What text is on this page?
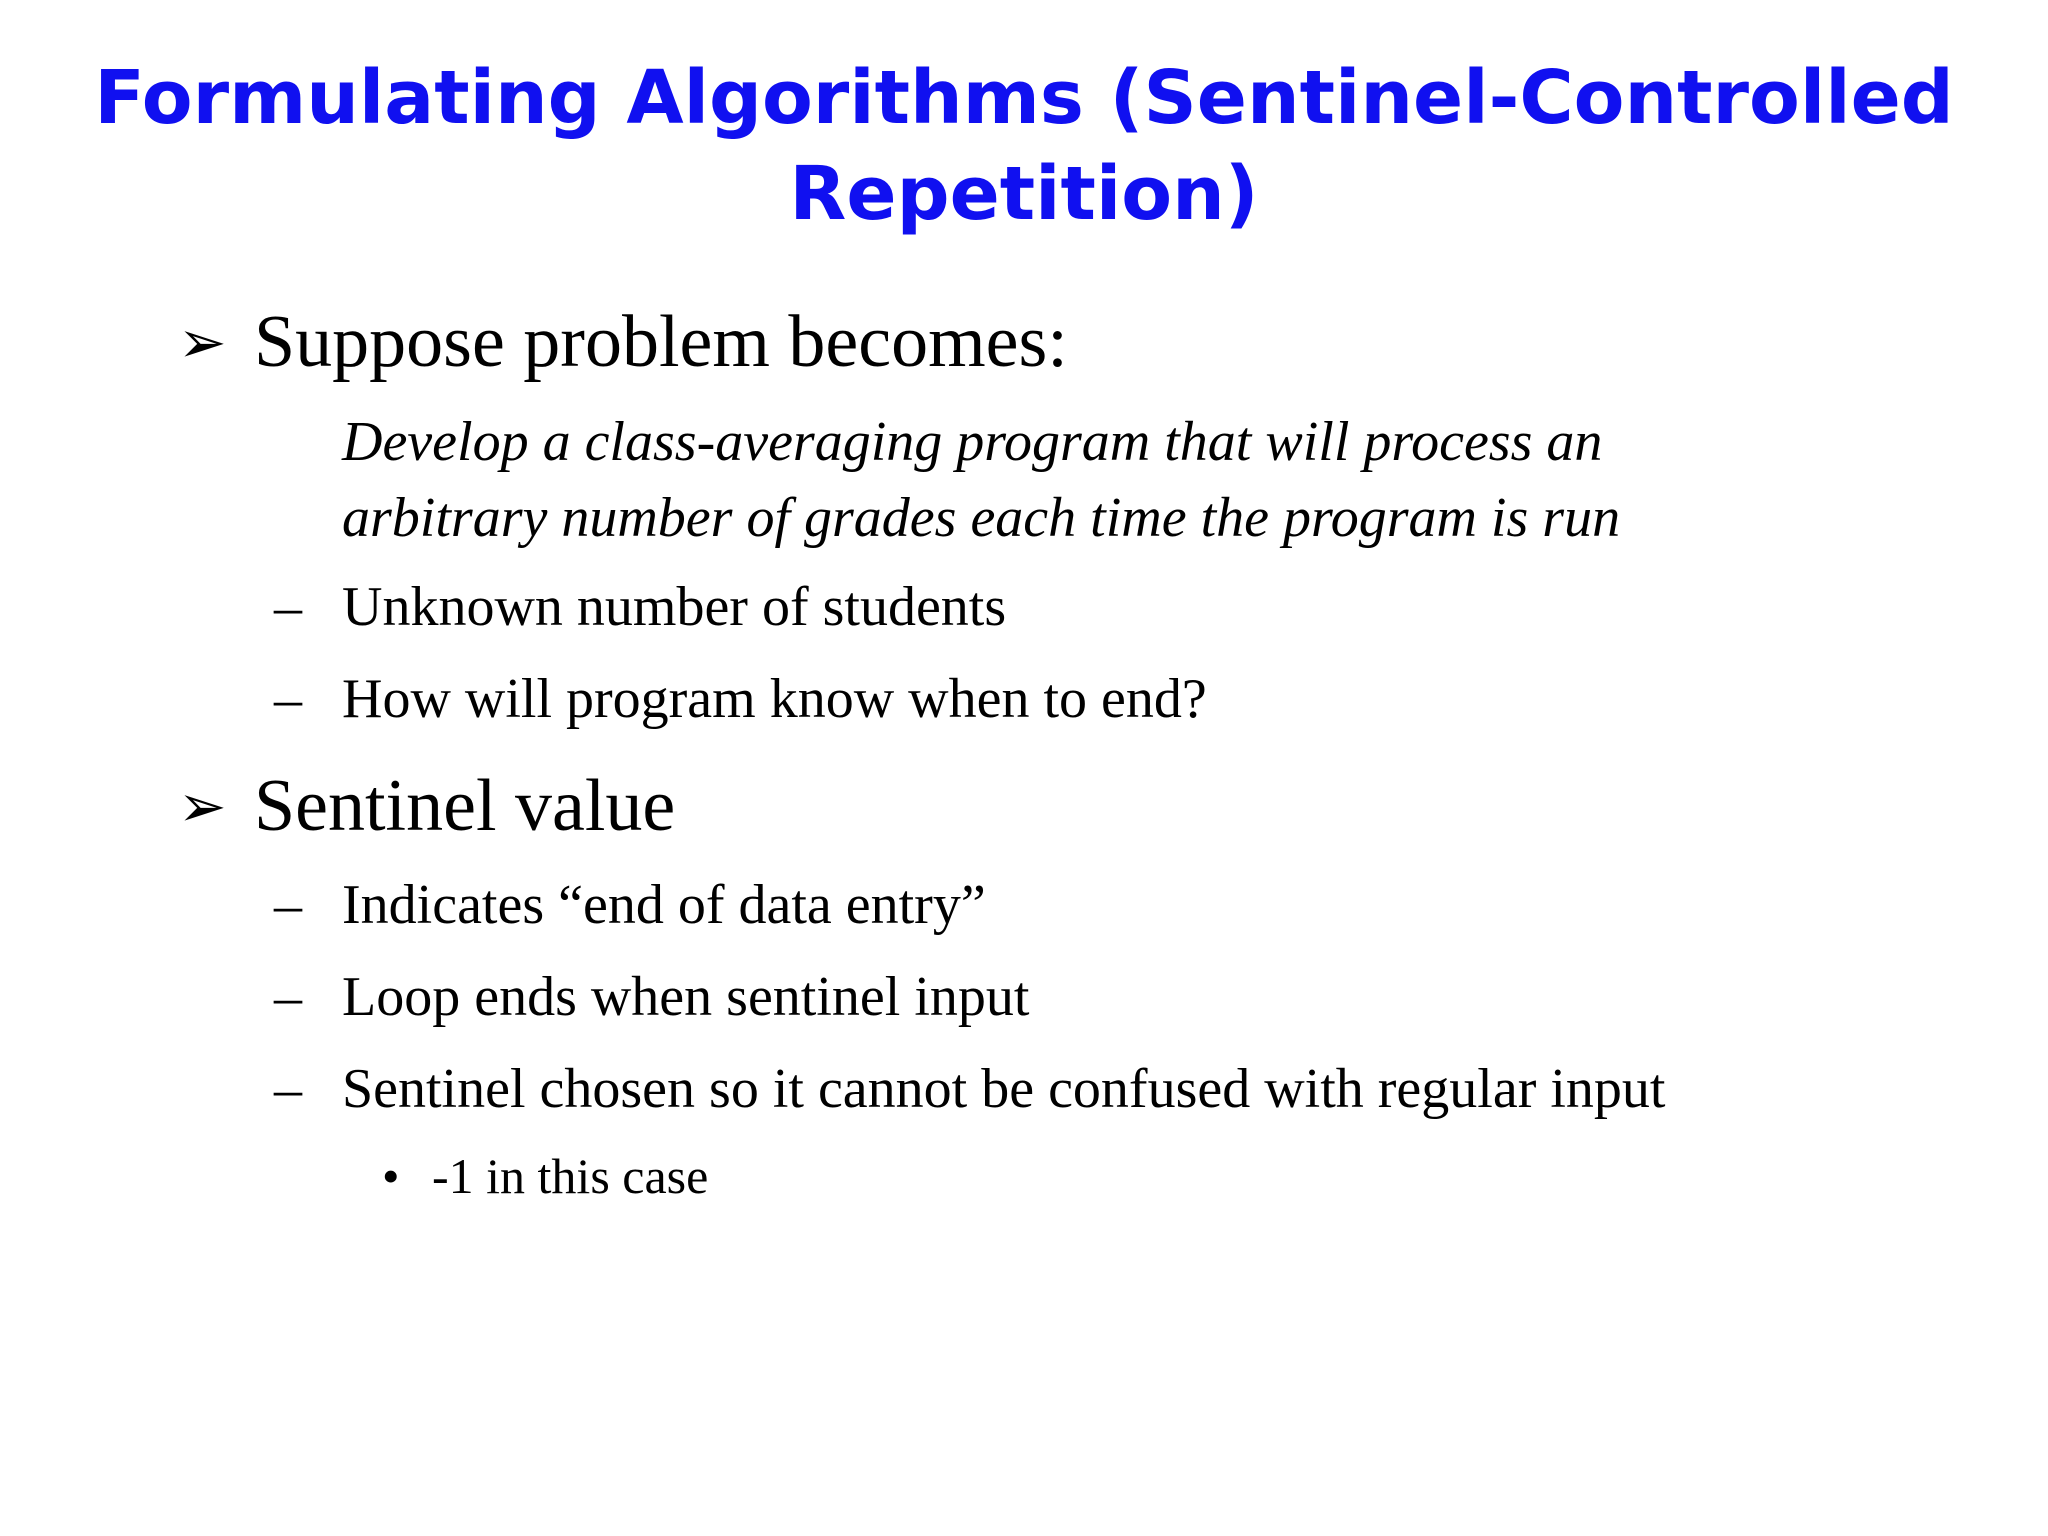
Formulating Algorithms (Sentinel-Controlled
Repetition)
➢ Suppose problem becomes:
Develop a class-averaging program that will process an
arbitrary number of grades each time the program is run
– Unknown number of students
– How will program know when to end?
➢ Sentinel value
– Indicates “end of data entry”
– Loop ends when sentinel input
– Sentinel chosen so it cannot be confused with regular input
• -1 in this case
